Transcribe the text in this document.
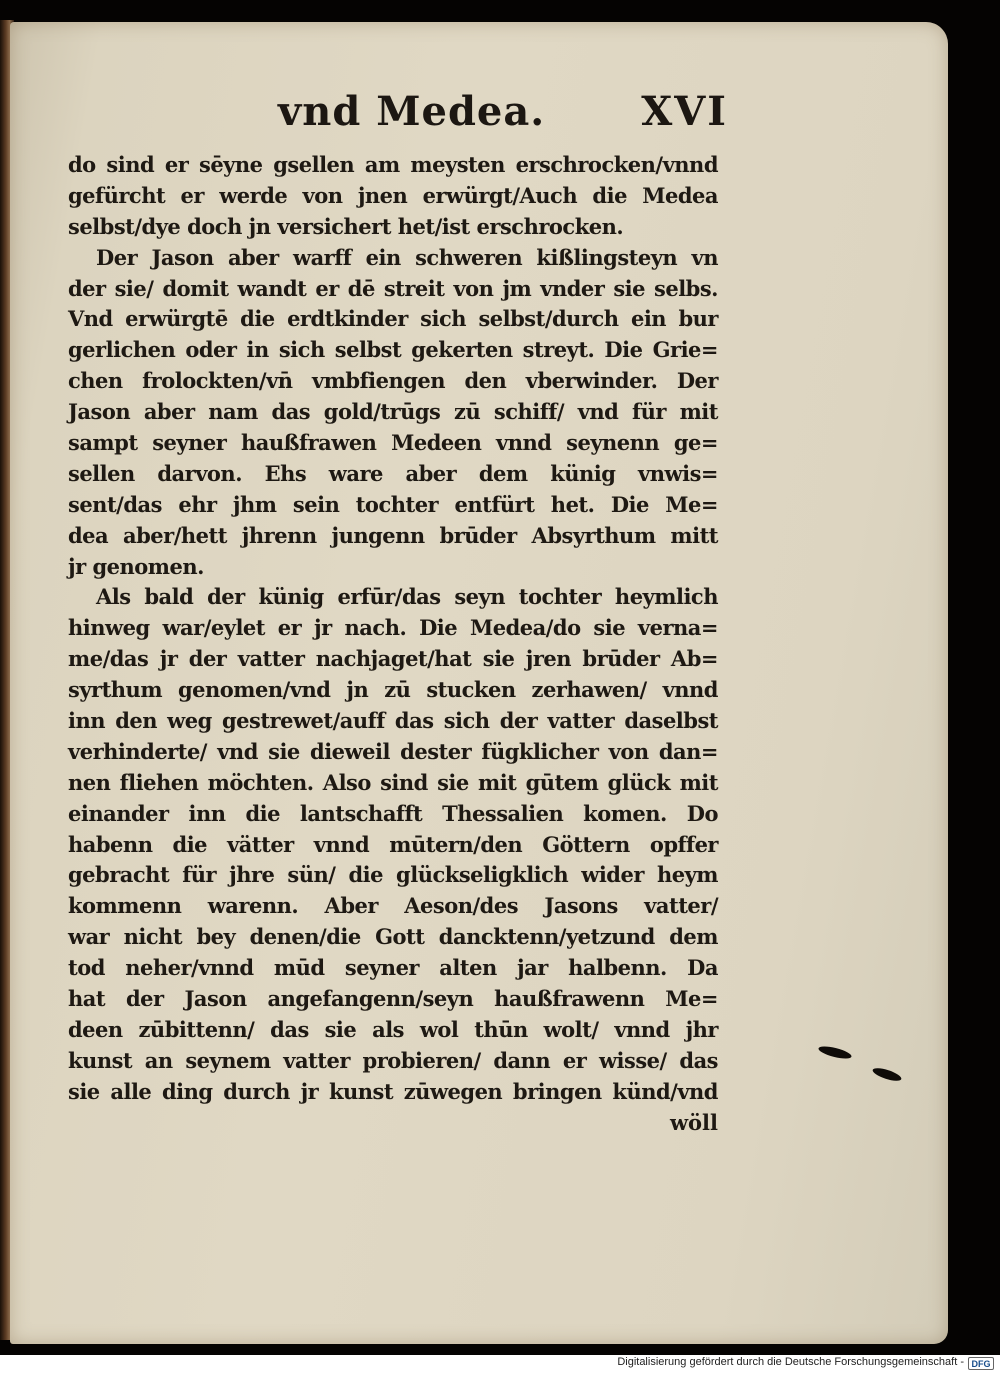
vnd Medea. XVI
do sind er sēyne gsellen am meysten erschrocken/vnnd
gefürcht er werde von jnen erwürgt/Auch die Medea
selbst/dye doch jn versichert het/ist erschrocken.
Der Jason aber warff ein schweren kißlingsteyn vn
der sie/ domit wandt er dē streit von jm vnder sie selbs.
Vnd erwürgtē die erdtkinder sich selbst/durch ein bur
gerlichen oder in sich selbst gekerten streyt. Die Grie=
chen frolockten/vn̄ vmbfiengen den vberwinder. Der
Jason aber nam das gold/trūgs zū schiff/ vnd für mit
sampt seyner haußfrawen Medeen vnnd seynenn ge=
sellen darvon. Ehs ware aber dem künig vnwis=
sent/das ehr jhm sein tochter entfürt het. Die Me=
dea aber/hett jhrenn jungenn brūder Absyrthum mitt
jr genomen.
Als bald der künig erfūr/das seyn tochter heymlich
hinweg war/eylet er jr nach. Die Medea/do sie verna=
me/das jr der vatter nachjaget/hat sie jren brūder Ab=
syrthum genomen/vnd jn zū stucken zerhawen/ vnnd
inn den weg gestrewet/auff das sich der vatter daselbst
verhinderte/ vnd sie dieweil dester fügklicher von dan=
nen fliehen möchten. Also sind sie mit gūtem glück mit
einander inn die lantschafft Thessalien komen. Do
habenn die vätter vnnd mūtern/den Göttern opffer
gebracht für jhre sün/ die glückseligklich wider heym
kommenn warenn. Aber Aeson/des Jasons vatter/
war nicht bey denen/die Gott dancktenn/yetzund dem
tod neher/vnnd mūd seyner alten jar halbenn. Da
hat der Jason angefangenn/seyn haußfrawenn Me=
deen zūbittenn/ das sie als wol thūn wolt/ vnnd jhr
kunst an seynem vatter probieren/ dann er wisse/ das
sie alle ding durch jr kunst zūwegen bringen künd/vnd
wöll
Digitalisierung gefördert durch die Deutsche Forschungsgemeinschaft - DFG
